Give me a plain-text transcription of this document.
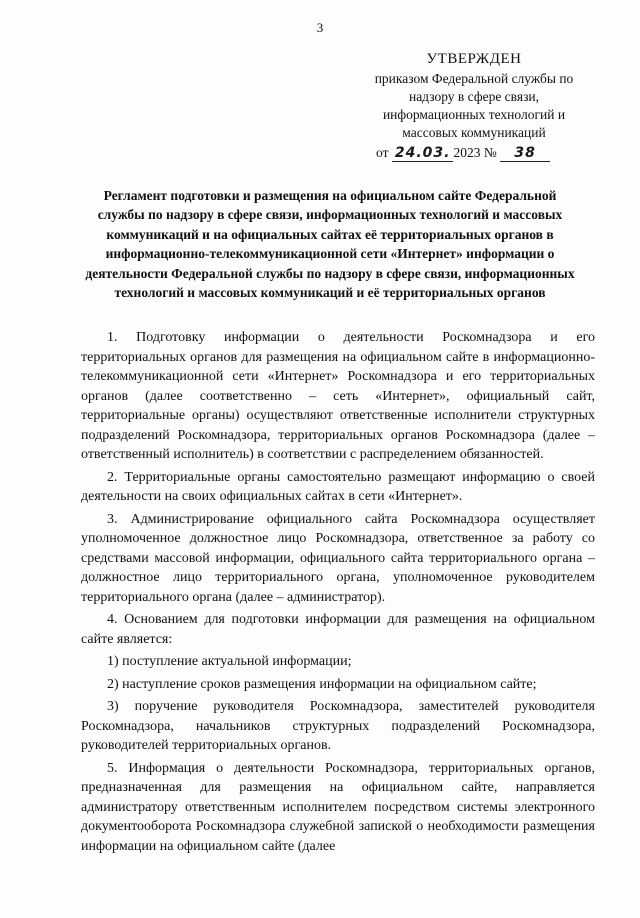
3
УТВЕРЖДЕН
приказом Федеральной службы по
надзору в сфере связи,
информационных технологий и
массовых коммуникаций
от 24.03. 2023 № 38
Регламент подготовки и размещения на официальном сайте Федеральной службы по надзору в сфере связи, информационных технологий и массовых коммуникаций и на официальных сайтах её территориальных органов в информационно-телекоммуникационной сети «Интернет» информации о деятельности Федеральной службы по надзору в сфере связи, информационных технологий и массовых коммуникаций и её территориальных органов

1. Подготовку информации о деятельности Роскомнадзора и его территориальных органов для размещения на официальном сайте в информационно-телекоммуникационной сети «Интернет» Роскомнадзора и его территориальных органов (далее соответственно – сеть «Интернет», официальный сайт, территориальные органы) осуществляют ответственные исполнители структурных подразделений Роскомнадзора, территориальных органов Роскомнадзора (далее – ответственный исполнитель) в соответствии с распределением обязанностей.

2. Территориальные органы самостоятельно размещают информацию о своей деятельности на своих официальных сайтах в сети «Интернет».

3. Администрирование официального сайта Роскомнадзора осуществляет уполномоченное должностное лицо Роскомнадзора, ответственное за работу со средствами массовой информации, официального сайта территориального органа – должностное лицо территориального органа, уполномоченное руководителем территориального органа (далее – администратор).

4. Основанием для подготовки информации для размещения на официальном сайте является:

1) поступление актуальной информации;

2) наступление сроков размещения информации на официальном сайте;

3) поручение руководителя Роскомнадзора, заместителей руководителя Роскомнадзора, начальников структурных подразделений Роскомнадзора, руководителей территориальных органов.

5. Информация о деятельности Роскомнадзора, территориальных органов, предназначенная для размещения на официальном сайте, направляется администратору ответственным исполнителем посредством системы электронного документооборота Роскомнадзора служебной запиской о необходимости размещения информации на официальном сайте (далее
